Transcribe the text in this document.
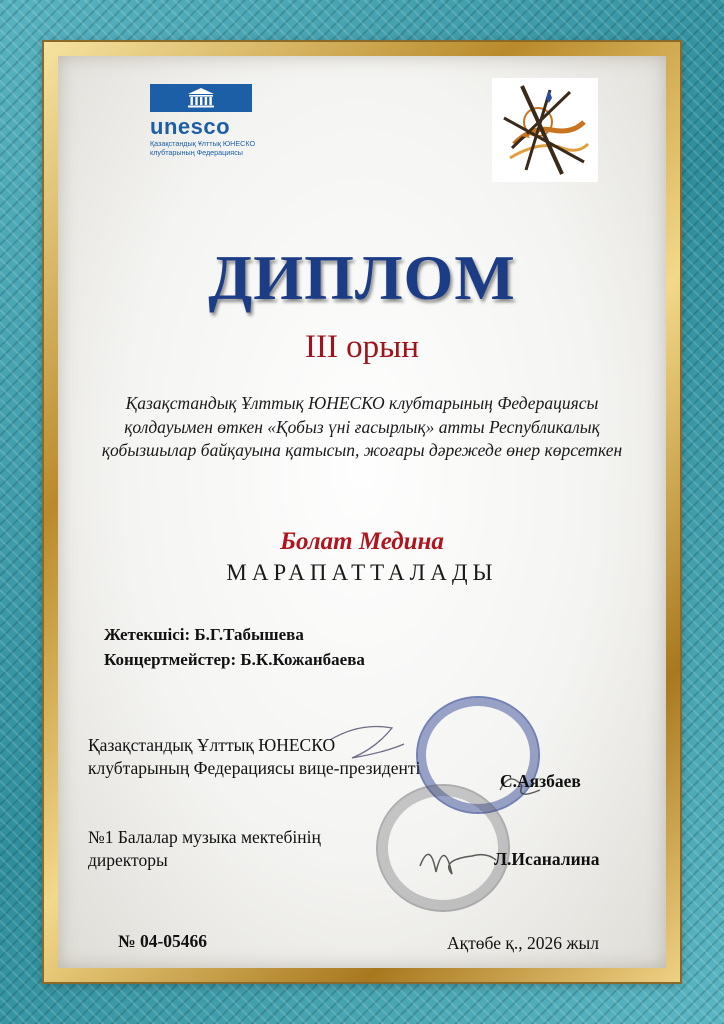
unesco
Қазақстандық Ұлттық ЮНЕСКО клубтарының Федерациясы
ДИПЛОМ
III орын
Қазақстандық Ұлттық ЮНЕСКО клубтарының Федерациясы қолдауымен өткен «Қобыз үні ғасырлық» атты Республикалық қобызшылар байқауына қатысып, жоғары дәрежеде өнер көрсеткен
Болат Медина
МАРАПАТТАЛАДЫ
Жетекшісі: Б.Г.Табышева
Концертмейстер: Б.К.Кожанбаева
Қазақстандық Ұлттық ЮНЕСКО клубтарының Федерациясы вице-президенті
С.Аязбаев
№1 Балалар музыка мектебінің директоры	Л.Исаналина
№ 04-05466	Ақтөбе қ., 2026 жыл
